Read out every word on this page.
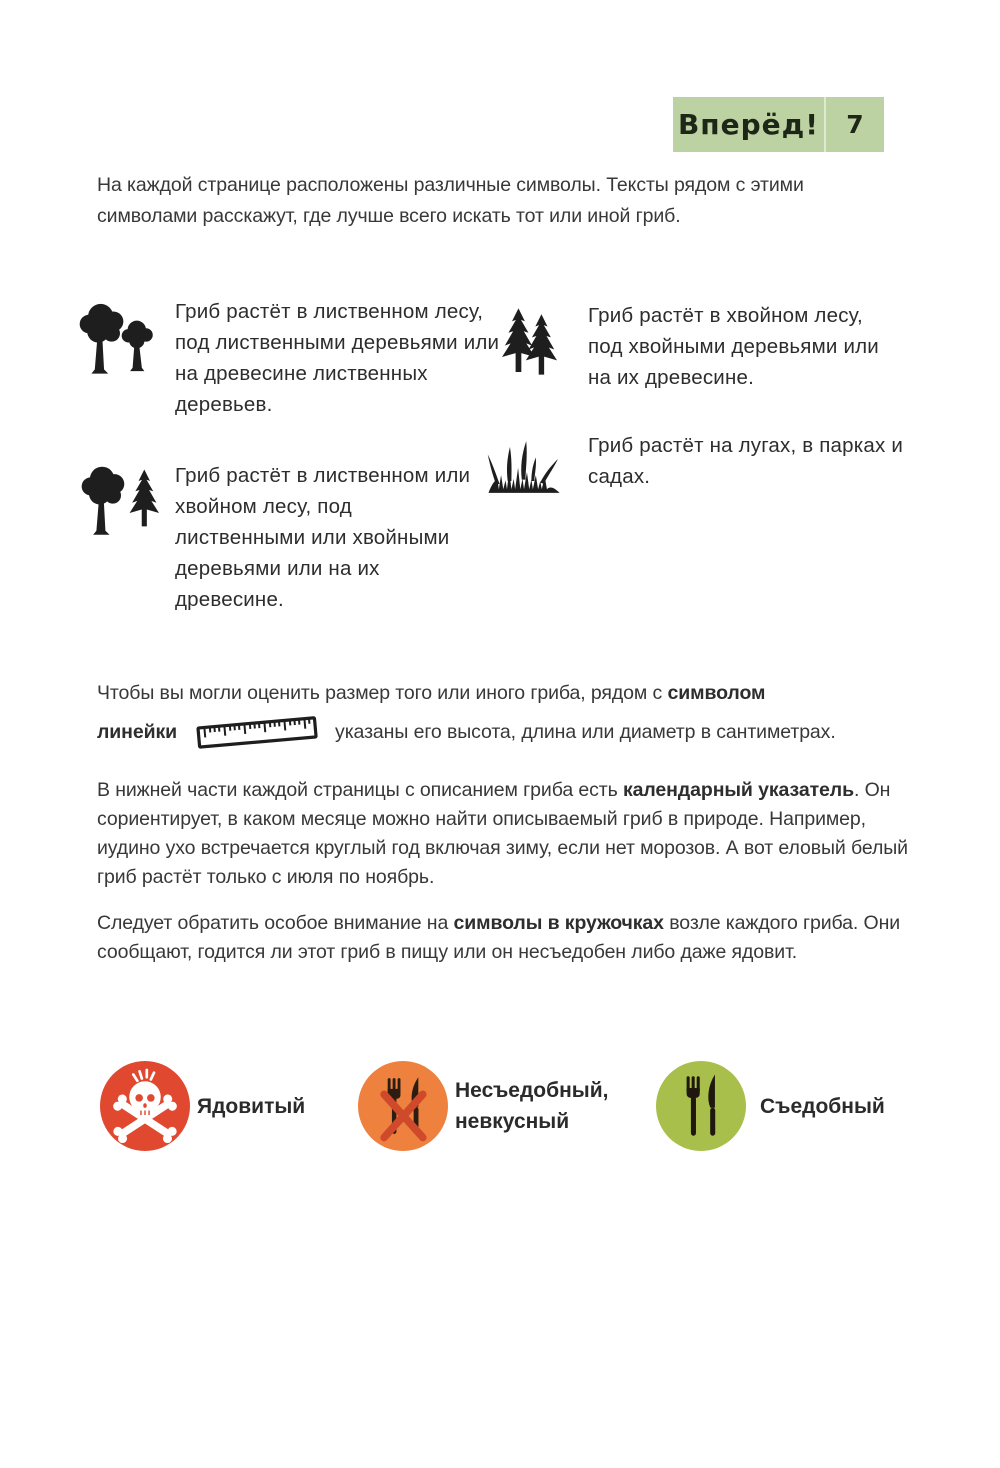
Вперёд!	7

На каждой странице расположены различные символы. Тексты рядом с этими символами расскажут, где лучше всего искать тот или иной гриб.

Гриб растёт в лиственном лесу, под лиственными деревьями или на древесине лиственных деревьев.

Гриб растёт в хвойном лесу, под хвойными деревьями или на их древесине.

Гриб растёт в лиственном или хвойном лесу, под лиственными или хвойными деревьями или на их древесине.

Гриб растёт на лугах, в парках и садах.

Чтобы вы могли оценить размер того или иного гриба, рядом с символом
линейки	указаны его высота, длина или диаметр в сантиметрах.

В нижней части каждой страницы с описанием гриба есть календарный указатель. Он сориентирует, в каком месяце можно найти описываемый гриб в природе. Например, иудино ухо встречается круглый год включая зиму, если нет морозов. А вот еловый белый гриб растёт только с июля по ноябрь.

Следует обратить особое внимание на символы в кружочках возле каждого гриба. Они сообщают, годится ли этот гриб в пищу или он несъедобен либо даже ядовит.

Ядовитый
Несъедобный, невкусный
Съедобный
